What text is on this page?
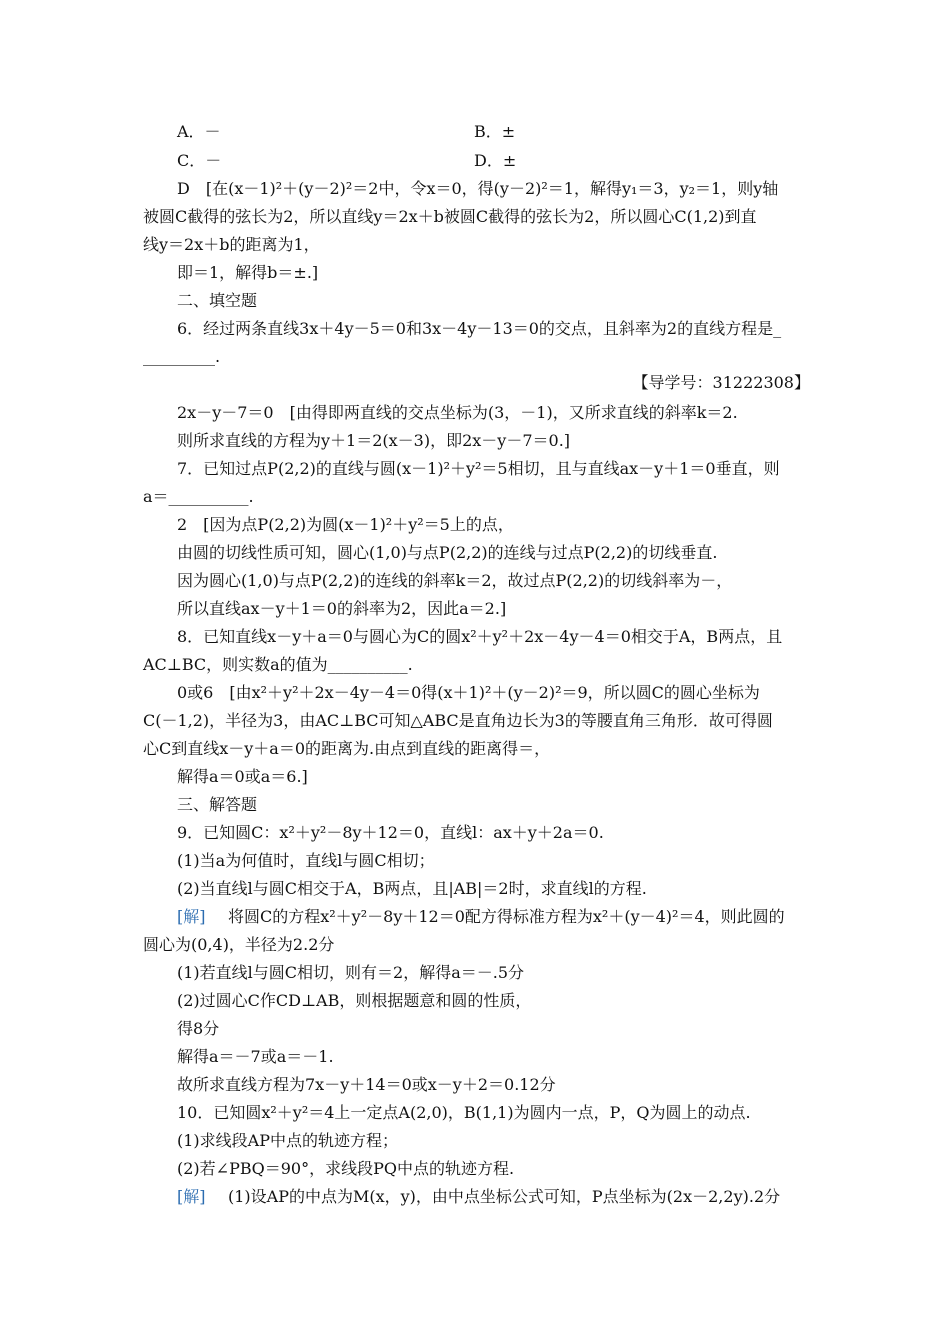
A．－	B．±
C．－	D．±
D　[在(x－1)²＋(y－2)²＝2中，令x＝0，得(y－2)²＝1，解得y₁＝3，y₂＝1，则y轴
被圆C截得的弦长为2，所以直线y＝2x＋b被圆C截得的弦长为2，所以圆心C(1,2)到直
线y＝2x＋b的距离为1，
即＝1，解得b＝±.]
二、填空题
6．经过两条直线3x＋4y－5＝0和3x－4y－13＝0的交点，且斜率为2的直线方程是_
_________.
【导学号：31222308】
2x－y－7＝0　[由得即两直线的交点坐标为(3，－1)，又所求直线的斜率k＝2.
则所求直线的方程为y＋1＝2(x－3)，即2x－y－7＝0.]
7．已知过点P(2,2)的直线与圆(x－1)²＋y²＝5相切，且与直线ax－y＋1＝0垂直，则
a＝__________.
2　[因为点P(2,2)为圆(x－1)²＋y²＝5上的点，
由圆的切线性质可知，圆心(1,0)与点P(2,2)的连线与过点P(2,2)的切线垂直.
因为圆心(1,0)与点P(2,2)的连线的斜率k＝2，故过点P(2,2)的切线斜率为－，
所以直线ax－y＋1＝0的斜率为2，因此a＝2.]
8．已知直线x－y＋a＝0与圆心为C的圆x²＋y²＋2x－4y－4＝0相交于A，B两点，且
AC⊥BC，则实数a的值为__________.
0或6　[由x²＋y²＋2x－4y－4＝0得(x＋1)²＋(y－2)²＝9，所以圆C的圆心坐标为
C(－1,2)，半径为3，由AC⊥BC可知△ABC是直角边长为3的等腰直角三角形．故可得圆
心C到直线x－y＋a＝0的距离为.由点到直线的距离得＝，
解得a＝0或a＝6.]
三、解答题
9．已知圆C：x²＋y²－8y＋12＝0，直线l：ax＋y＋2a＝0.
(1)当a为何值时，直线l与圆C相切；
(2)当直线l与圆C相交于A，B两点，且|AB|＝2时，求直线l的方程.
[解] 　将圆C的方程x²＋y²－8y＋12＝0配方得标准方程为x²＋(y－4)²＝4，则此圆的
圆心为(0,4)，半径为2.2分
(1)若直线l与圆C相切，则有＝2，解得a＝－.5分
(2)过圆心C作CD⊥AB，则根据题意和圆的性质，
得8分
解得a＝－7或a＝－1.
故所求直线方程为7x－y＋14＝0或x－y＋2＝0.12分
10．已知圆x²＋y²＝4上一定点A(2,0)，B(1,1)为圆内一点，P，Q为圆上的动点.
(1)求线段AP中点的轨迹方程；
(2)若∠PBQ＝90°，求线段PQ中点的轨迹方程.
[解] 　(1)设AP的中点为M(x，y)，由中点坐标公式可知，P点坐标为(2x－2,2y).2分
